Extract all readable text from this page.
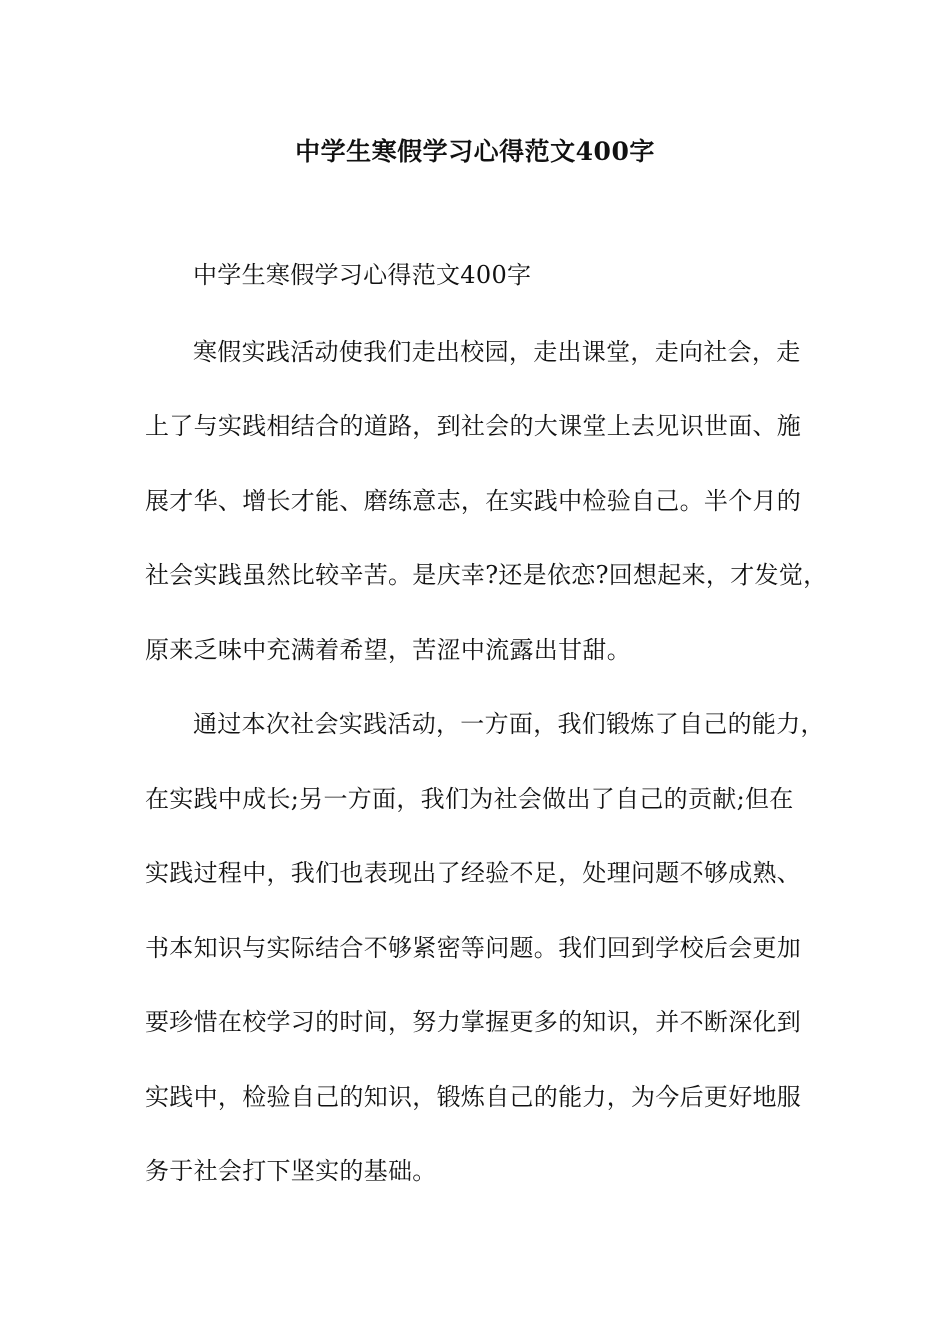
中学生寒假学习心得范文400字
中学生寒假学习心得范文400字
寒假实践活动使我们走出校园，走出课堂，走向社会，走
上了与实践相结合的道路，到社会的大课堂上去见识世面、施
展才华、增长才能、磨练意志，在实践中检验自己。半个月的
社会实践虽然比较辛苦。是庆幸?还是依恋?回想起来，才发觉，
原来乏味中充满着希望，苦涩中流露出甘甜。
通过本次社会实践活动，一方面，我们锻炼了自己的能力，
在实践中成长;另一方面，我们为社会做出了自己的贡献;但在
实践过程中，我们也表现出了经验不足，处理问题不够成熟、
书本知识与实际结合不够紧密等问题。我们回到学校后会更加
要珍惜在校学习的时间，努力掌握更多的知识，并不断深化到
实践中，检验自己的知识，锻炼自己的能力，为今后更好地服
务于社会打下坚实的基础。
